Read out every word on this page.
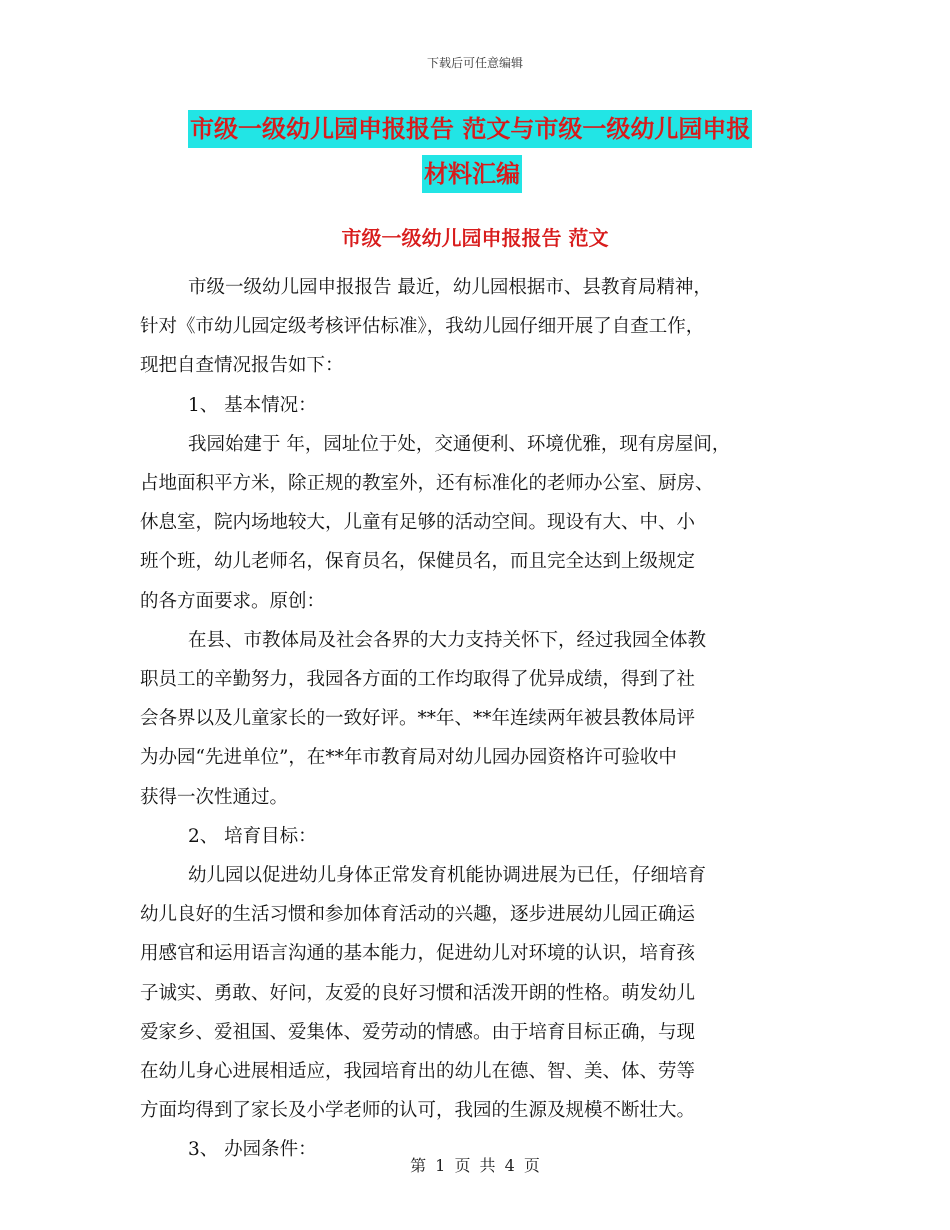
下载后可任意编辑
市级一级幼儿园申报报告 范文与市级一级幼儿园申报
材料汇编
市级一级幼儿园申报报告 范文

市级一级幼儿园申报报告 最近，幼儿园根据市、县教育局精神，

针对《市幼儿园定级考核评估标准》，我幼儿园仔细开展了自查工作，

现把自查情况报告如下：

1、 基本情况：

我园始建于 年，园址位于处，交通便利、环境优雅，现有房屋间，

占地面积平方米，除正规的教室外，还有标准化的老师办公室、厨房、

休息室，院内场地较大，儿童有足够的活动空间。现设有大、中、小

班个班，幼儿老师名，保育员名，保健员名，而且完全达到上级规定

的各方面要求。原创：

在县、市教体局及社会各界的大力支持关怀下，经过我园全体教

职员工的辛勤努力，我园各方面的工作均取得了优异成绩，得到了社

会各界以及儿童家长的一致好评。**年、**年连续两年被县教体局评

为办园“先进单位”，在**年市教育局对幼儿园办园资格许可验收中

获得一次性通过。

2、 培育目标：

幼儿园以促进幼儿身体正常发育机能协调进展为已任，仔细培育

幼儿良好的生活习惯和参加体育活动的兴趣，逐步进展幼儿园正确运

用感官和运用语言沟通的基本能力，促进幼儿对环境的认识，培育孩

子诚实、勇敢、好问，友爱的良好习惯和活泼开朗的性格。萌发幼儿

爱家乡、爱祖国、爱集体、爱劳动的情感。由于培育目标正确，与现

在幼儿身心进展相适应，我园培育出的幼儿在德、智、美、体、劳等

方面均得到了家长及小学老师的认可，我园的生源及规模不断壮大。

3、 办园条件：

第 1 页 共 4 页
